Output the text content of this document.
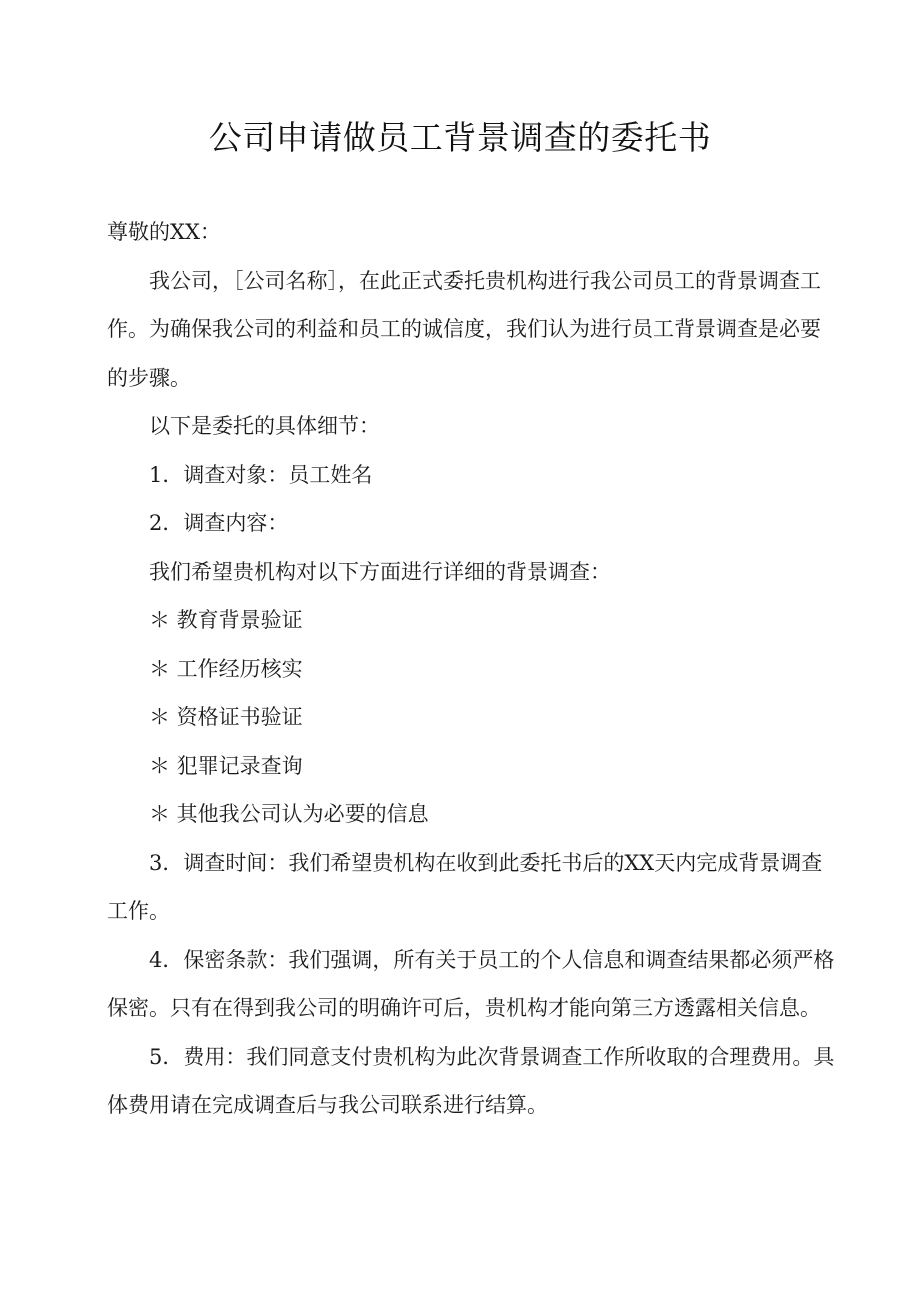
公司申请做员工背景调查的委托书

尊敬的XX：

我公司，［公司名称］，在此正式委托贵机构进行我公司员工的背景调查工作。为确保我公司的利益和员工的诚信度，我们认为进行员工背景调查是必要的步骤。

以下是委托的具体细节：

1．调查对象：员工姓名

2．调查内容：

我们希望贵机构对以下方面进行详细的背景调查：

＊ 教育背景验证

＊ 工作经历核实

＊ 资格证书验证

＊ 犯罪记录查询

＊ 其他我公司认为必要的信息

3．调查时间：我们希望贵机构在收到此委托书后的XX天内完成背景调查工作。

4．保密条款：我们强调，所有关于员工的个人信息和调查结果都必须严格保密。只有在得到我公司的明确许可后，贵机构才能向第三方透露相关信息。

5．费用：我们同意支付贵机构为此次背景调查工作所收取的合理费用。具体费用请在完成调查后与我公司联系进行结算。
